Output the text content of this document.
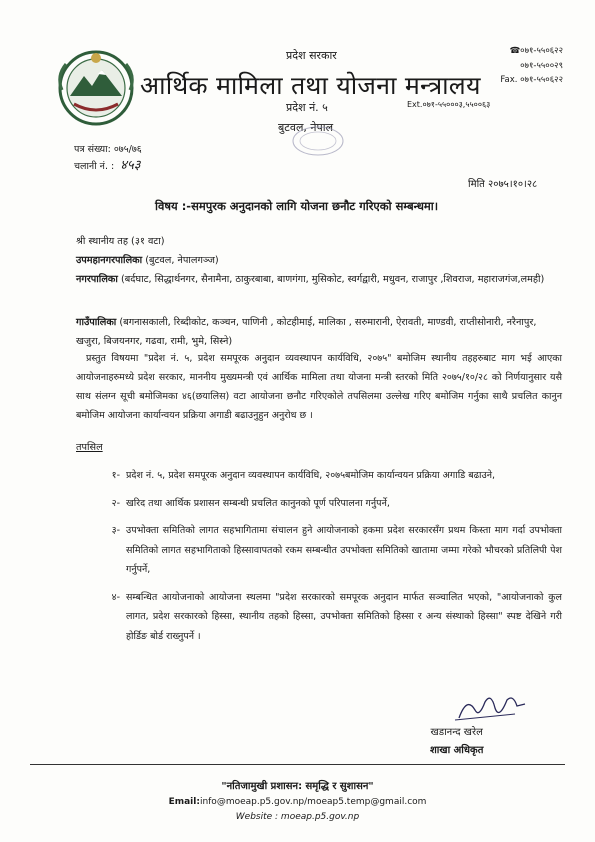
प्रदेश सरकार
आर्थिक मामिला तथा योजना मन्त्रालय
प्रदेश नं. ५
बुटवल, नेपाल
☎०७१-५५०६२२
०७१-५५००२९
Fax. ०७१-५५०६२२
Ext.०७१-५५०००३,५५००६३
पत्र संख्या: ०७५/७६
चलानी नं. : ४५३
मिति २०७५।१०।२८
विषय :-समपुरक अनुदानको लागि योजना छनौट गरिएको सम्बन्धमा।
श्री स्थानीय तह (३१ वटा)
उपमहानगरपालिका (बुटवल, नेपालगञ्ज)
नगरपालिका (बर्दघाट, सिद्धार्थनगर, सैनामैना, ठाकुरबाबा, बाणगंगा, मुसिकोट, स्वर्गद्वारी, मधुवन, राजापुर ,शिवराज, महाराजगंज,लमही)
गाउँपालिका (बगनासकाली, रिब्दीकोट, कञ्चन, पाणिनी , कोटहीमाई, मालिका , सरुमारानी, ऐरावती, माण्डवी, राप्तीसोनारी, नरैनापुर, खजुरा, बिजयनगर, गढवा, रामी, भुमे, सिस्ने)
प्रस्तुत विषयमा "प्रदेश नं. ५, प्रदेश समपूरक अनुदान व्यवस्थापन कार्यविधि, २०७५" बमोजिम स्थानीय तहहरुबाट माग भई आएका आयोजनाहरुमध्ये प्रदेश सरकार, माननीय मुख्यमन्त्री एवं आर्थिक मामिला तथा योजना मन्त्री स्तरको मिति २०७५/१०/२८ को निर्णयानुसार यसै साथ संलग्न सूची बमोजिमका ४६(छयालिस) वटा आयोजना छनौट गरिएकोले तपसिलमा उल्लेख गरिए बमोजिम गर्नुका साथै प्रचलित कानुन बमोजिम आयोजना कार्यान्वयन प्रक्रिया अगाडी बढाउनुहुन अनुरोध छ ।
तपसिल
१- प्रदेश नं. ५, प्रदेश समपूरक अनुदान व्यवस्थापन कार्यविधि, २०७५बमोजिम कार्यान्वयन प्रक्रिया अगाडि बढाउने,
२- खरिद तथा आर्थिक प्रशासन सम्बन्धी प्रचलित कानुनको पूर्ण परिपालना गर्नुपर्ने,
३- उपभोक्ता समितिको लागत सहभागितामा संचालन हुने आयोजनाको हकमा प्रदेश सरकारसँग प्रथम किस्ता माग गर्दा उपभोक्ता समितिको लागत सहभागिताको हिस्सावापतको रकम सम्बन्धीत उपभोक्ता समितिको खातामा जम्मा गरेको भौचरको प्रतिलिपी पेश गर्नुपर्ने,
४- सम्बन्धित आयोजनाको आयोजना स्थलमा "प्रदेश सरकारको समपूरक अनुदान मार्फत सञ्चालित भएको, "आयोजनाको कुल लागत, प्रदेश सरकारको हिस्सा, स्थानीय तहको हिस्सा, उपभोक्ता समितिको हिस्सा र अन्य संस्थाको हिस्सा" स्पष्ट देखिने गरी होर्डिङ बोर्ड राख्नुपर्ने ।
खडानन्द खरेल
शाखा अधिकृत
"नतिजामुखी प्रशासन: समृद्धि र सुशासन"
Email:info@moeap.p5.gov.np/moeap5.temp@gmail.com
Website : moeap.p5.gov.np
